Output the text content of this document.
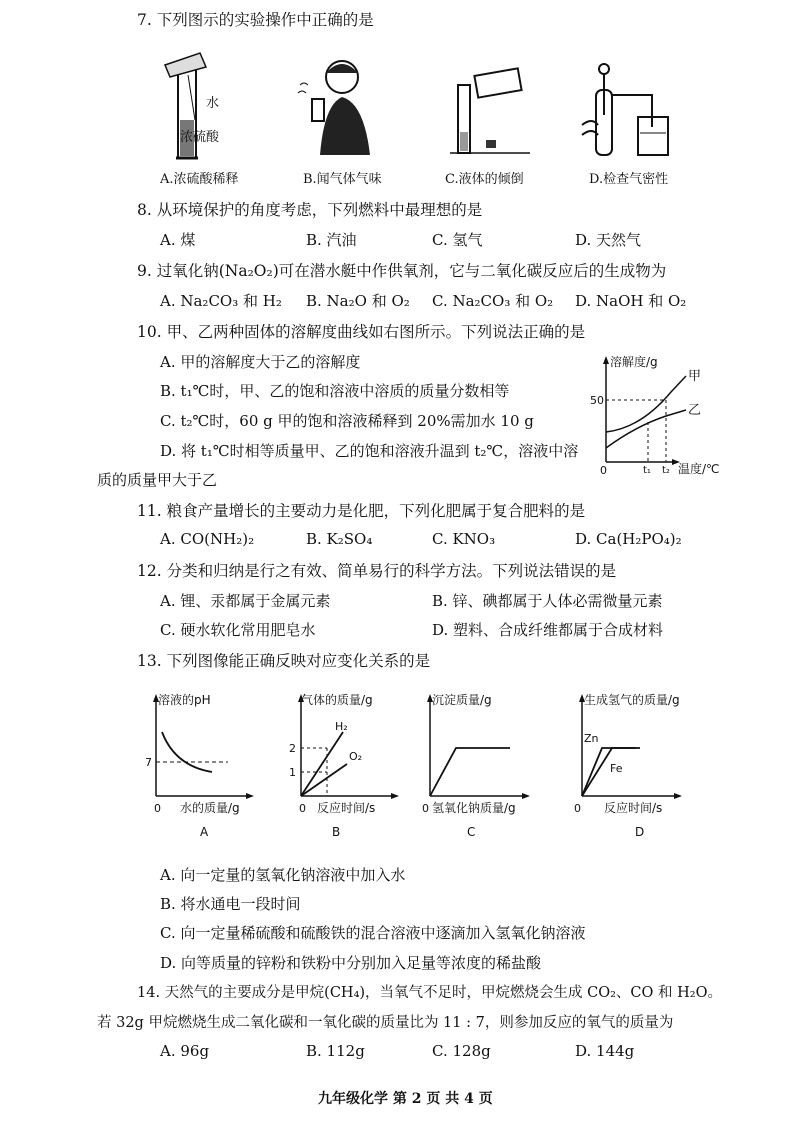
7. 下列图示的实验操作中正确的是
水
浓硫酸
A.浓硫酸稀释	B.闻气体气味	C.液体的倾倒	D.检查气密性
8. 从环境保护的角度考虑，下列燃料中最理想的是
A. 煤	B. 汽油	C. 氢气	D. 天然气
9. 过氧化钠(Na₂O₂)可在潜水艇中作供氧剂，它与二氧化碳反应后的生成物为
A. Na₂CO₃ 和 H₂ B. Na₂O 和 O₂ C. Na₂CO₃ 和 O₂ D. NaOH 和 O₂
10. 甲、乙两种固体的溶解度曲线如右图所示。下列说法正确的是
A. 甲的溶解度大于乙的溶解度
B. t₁℃时，甲、乙的饱和溶液中溶质的质量分数相等
C. t₂℃时，60 g 甲的饱和溶液稀释到 20%需加水 10 g
D. 将 t₁℃时相等质量甲、乙的饱和溶液升温到 t₂℃，溶液中溶
质的质量甲大于乙
溶解度/g
50
0	t₁ t₂ 温度/℃
甲
乙
11. 粮食产量增长的主要动力是化肥，下列化肥属于复合肥料的是
A. CO(NH₂)₂	B. K₂SO₄	C. KNO₃	D. Ca(H₂PO₄)₂
12. 分类和归纳是行之有效、简单易行的科学方法。下列说法错误的是
A. 锂、汞都属于金属元素	B. 锌、碘都属于人体必需微量元素
C. 硬水软化常用肥皂水	D. 塑料、合成纤维都属于合成材料
13. 下列图像能正确反映对应变化关系的是
溶液的pH
7
0 水的质量/g
A
气体的质量/g
2
1
H₂
O₂
0 反应时间/s
B
沉淀质量/g
0 氢氧化钠质量/g
C
生成氢气的质量/g
Zn
Fe
0 反应时间/s
D
A. 向一定量的氢氧化钠溶液中加入水
B. 将水通电一段时间
C. 向一定量稀硫酸和硫酸铁的混合溶液中逐滴加入氢氧化钠溶液
D. 向等质量的锌粉和铁粉中分别加入足量等浓度的稀盐酸
14. 天然气的主要成分是甲烷(CH₄)，当氧气不足时，甲烷燃烧会生成 CO₂、CO 和 H₂O。
若 32g 甲烷燃烧生成二氧化碳和一氧化碳的质量比为 11 : 7，则参加反应的氧气的质量为
A. 96g	B. 112g	C. 128g	D. 144g
九年级化学 第 2 页 共 4 页
